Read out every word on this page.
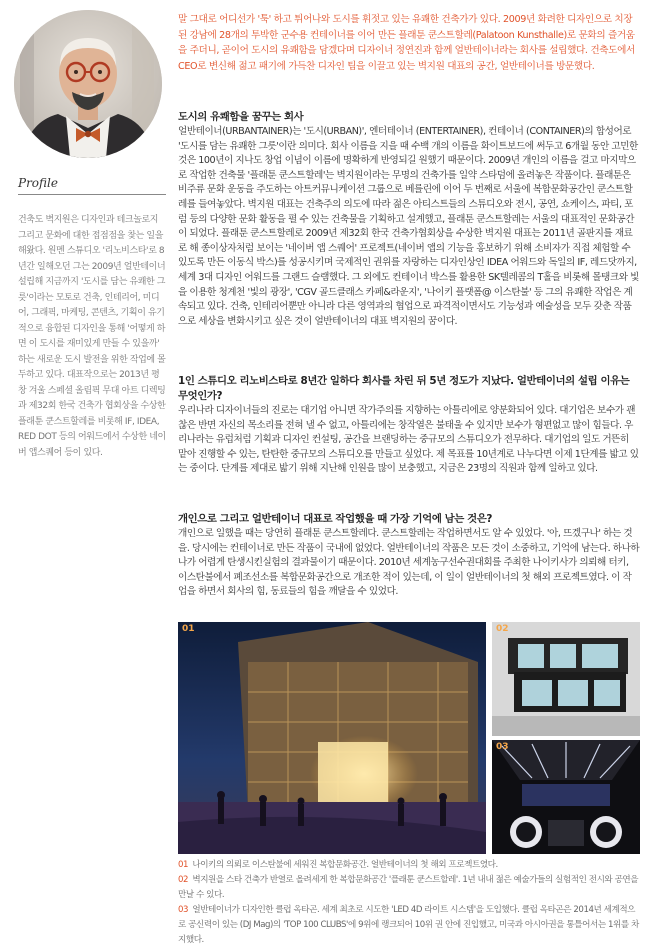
Profile
건축도 벽지원은 디자인과 테크놀로지 그리고 문화에 대한 접점점을 찾는 일을 해왔다. 원멘 스튜디오 '리노비스타'로 8년간 일해오던 그는 2009년 얼반테이너 설립해 지금까지 '도시를 담는 유쾌한 그릇'이라는 모토로 건축, 인테리어, 미디어, 그래픽, 마케팅, 콘텐츠, 기획이 유기적으로 융합된 디자인을 통해 '어떻게 하면 이 도시를 재미있게 만들 수 있을까' 하는 새로운 도시 발전을 위한 작업에 몰두하고 있다. 대표작으로는 2013년 평창 겨울 스페셜 올림픽 무대 아트 디렉팅과 제32회 한국 건축가 협회상을 수상한 플래툰 쿤스트할레를 비롯해 IF, IDEA, RED DOT 등의 어워드에서 수상한 네이버 앱스퀘어 등이 있다.

말 그대로 어디선가 '툭' 하고 튀어나와 도시를 휘젓고 있는 유쾌한 건축가가 있다. 2009년 화려한 디자인으로 치장된 강남에 28개의 투박한 군수용 컨테이너를 이어 만든 플래툰 쿤스트할레(Palatoon Kunsthalle)로 문화의 즐거움을 주더니, 곧이어 도시의 유쾌함을 담겠다며 디자이너 정연진과 함께 얼반테이너라는 회사를 설립했다. 건축도에서 CEO로 변신해 젊고 패기에 가득찬 디자인 팀을 이끌고 있는 벽지원 대표의 공간, 얼반테이너를 방문했다.

도시의 유쾌함을 꿈꾸는 회사

얼반테이너(URBANTAINER)는 '도시(URBAN)', 엔터테이너 (ENTERTAINER), 컨테이너 (CONTAINER)의 합성어로 '도시를 담는 유쾌한 그릇'이란 의미다. 회사 이름을 지을 때 수백 개의 이름을 화이트보드에 써두고 6개월 동안 고민한 것은 100년이 지나도 창업 이념이 이름에 명확하게 반영되길 원했기 때문이다. 2009년 개인의 이름을 걸고 마지막으로 작업한 건축물 '플래툰 쿤스트할레'는 벽지원이라는 무명의 건축가를 일약 스타덤에 올려놓은 작품이다. 플래툰은 비주류 문화 운동을 주도하는 아트커뮤니케이션 그룹으로 베를린에 이어 두 번째로 서울에 복합문화공간인 쿤스트할레를 들여놓았다. 벽지원 대표는 건축주의 의도에 따라 젊은 아티스트들의 스튜디오와 전시, 공연, 쇼케이스, 파티, 포럼 등의 다양한 문화 활동을 펼 수 있는 건축물을 기획하고 설계했고, 플래툰 쿤스트할레는 서울의 대표적인 문화공간이 되었다. 플래툰 쿤스트할레로 2009년 제32회 한국 건축가협회상을 수상한 벽지원 대표는 2011년 골판지를 재료로 해 종이상자처럼 보이는 '네이버 앱 스퀘어' 프로젝트(네이버 앱의 기능을 홍보하기 위해 소비자가 직접 체험할 수 있도록 만든 이동식 박스)를 성공시키며 국제적인 권위를 자랑하는 디자인상인 IDEA 어워드와 독일의 IF, 레드닷까지, 세계 3대 디자인 어워드를 그랜드 슬램했다. 그 외에도 컨테이너 박스를 활용한 SK텔레콤의 T홀을 비롯해 몰탱크와 빛을 이용한 청계천 '빛의 광장', 'CGV 골드클래스 카페&라운지', '나이키 플랫폼@ 이스탄불' 등 그의 유쾌한 작업은 계속되고 있다. 건축, 인테리어뿐만 아니라 다른 영역과의 협업으로 파격적이면서도 기능성과 예술성을 모두 갖춘 작품으로 세상을 변화시키고 싶은 것이 얼반테이너의 대표 벽지원의 꿈이다.

1인 스튜디오 리노비스타로 8년간 일하다 회사를 차린 뒤 5년 정도가 지났다. 얼반테이너의 설립 이유는 무엇인가?

우리나라 디자이너들의 진로는 대기업 아니면 작가주의를 지향하는 아틀리에로 양분화되어 있다. 대기업은 보수가 괜찮은 반면 자신의 목소리를 전혀 낼 수 없고, 아틀리에는 창작열은 불태울 수 있지만 보수가 형편없고 많이 힘들다. 우리나라는 유럽처럼 기획과 디자인 컨설팅, 공간을 브랜딩하는 중규모의 스튜디오가 전무하다. 대기업의 일도 거뜬히 맡아 진행할 수 있는, 탄탄한 중규모의 스튜디오를 만들고 싶었다. 제 목표를 10년계로 나누다면 이제 1단계를 밟고 있는 중이다. 단계를 제대로 밟기 위해 지난해 인원을 많이 보충했고, 지금은 23명의 직원과 함께 일하고 있다.

개인으로 그리고 얼반테이너 대표로 작업했을 때 가장 기억에 남는 것은?

개인으로 일했을 때는 당연히 플래툰 쿤스트할레다. 쿤스트할레는 작업하면서도 알 수 있었다. '아, 뜨겠구나' 하는 것을. 당시에는 컨테이너로 만든 작품이 국내에 없었다. 얼반테이너의 작품은 모든 것이 소중하고, 기억에 남는다. 하나하나가 어렵게 탄생시킨실험의 결과물이기 때문이다. 2010년 세계농구선수권대회를 주최한 나이키사가 의뢰해 터키, 이스탄불에서 폐조선소를 복합문화공간으로 개조한 적이 있는데, 이 일이 얼반테이너의 첫 해외 프로젝트였다. 이 작업을 하면서 회사의 힘, 동료들의 힘을 깨달을 수 있었다.

01	02
03
01 나이키의 의뢰로 이스탄불에 세워진 복합문화공간. 얼반테이너의 첫 해외 프로젝트였다.
02 벽지원을 스타 건축가 반열로 올려세게 한 복합문화공간 '플래툰 쿤스트할레'. 1년 내내 젊은 예술가들의 실험적인 전시와 공연을 만날 수 있다.
03 얼반테이너가 디자인한 클럽 옥타곤. 세계 최초로 시도한 'LED 4D 라이트 시스템'을 도입했다. 클럽 옥타곤은 2014년 세계적으로 공신력이 있는 (DJ Mag)의 'TOP 100 CLUBS'에 9위에 랭크되어 10위 권 안에 진입했고, 미국과 아시아권을 통틀어서는 1위를 차지했다.
